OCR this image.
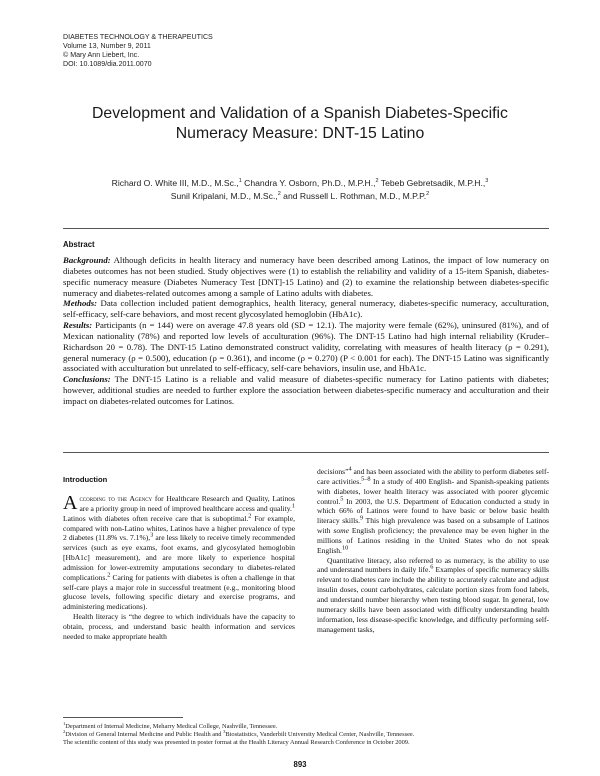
DIABETES TECHNOLOGY & THERAPEUTICS
Volume 13, Number 9, 2011
© Mary Ann Liebert, Inc.
DOI: 10.1089/dia.2011.0070
Development and Validation of a Spanish Diabetes-Specific
Numeracy Measure: DNT-15 Latino
Richard O. White III, M.D., M.Sc.,$^1$ Chandra Y. Osborn, Ph.D., M.P.H.,$^2$ Tebeb Gebretsadik, M.P.H.,$^3$
Sunil Kripalani, M.D., M.Sc.,$^2$ and Russell L. Rothman, M.D., M.P.P.$^2$
Abstract

Background: Although deficits in health literacy and numeracy have been described among Latinos, the impact of low numeracy on diabetes outcomes has not been studied. Study objectives were (1) to establish the reliability and validity of a 15-item Spanish, diabetes-specific numeracy measure (Diabetes Numeracy Test [DNT]-15 Latino) and (2) to examine the relationship between diabetes-specific numeracy and diabetes-related outcomes among a sample of Latino adults with diabetes.

Methods: Data collection included patient demographics, health literacy, general numeracy, diabetes-specific numeracy, acculturation, self-efficacy, self-care behaviors, and most recent glycosylated hemoglobin (HbA1c).

Results: Participants (n = 144) were on average 47.8 years old (SD = 12.1). The majority were female (62%), uninsured (81%), and of Mexican nationality (78%) and reported low levels of acculturation (96%). The DNT-15 Latino had high internal reliability (Kruder–Richardson 20 = 0.78). The DNT-15 Latino demonstrated construct validity, correlating with measures of health literacy (ρ = 0.291), general numeracy (ρ = 0.500), education (ρ = 0.361), and income (ρ = 0.270) (P < 0.001 for each). The DNT-15 Latino was significantly associated with acculturation but unrelated to self-efficacy, self-care behaviors, insulin use, and HbA1c.

Conclusions: The DNT-15 Latino is a reliable and valid measure of diabetes-specific numeracy for Latino patients with diabetes; however, additional studies are needed to further explore the association between diabetes-specific numeracy and acculturation and their impact on diabetes-related outcomes for Latinos.

Introduction

According to the Agency for Healthcare Research and Quality, Latinos are a priority group in need of improved healthcare access and quality.$^1$ Latinos with diabetes often receive care that is suboptimal.$^2$ For example, compared with non-Latino whites, Latinos have a higher prevalence of type 2 diabetes (11.8% vs. 7.1%),$^3$ are less likely to receive timely recommended services (such as eye exams, foot exams, and glycosylated hemoglobin [HbA1c] measurement), and are more likely to experience hospital admission for lower-extremity amputations secondary to diabetes-related complications.$^2$ Caring for patients with diabetes is often a challenge in that self-care plays a major role in successful treatment (e.g., monitoring blood glucose levels, following specific dietary and exercise programs, and administering medications).

Health literacy is “the degree to which individuals have the capacity to obtain, process, and understand basic health information and services needed to make appropriate health

decisions”$^4$ and has been associated with the ability to perform diabetes self-care activities.$^{5-8}$ In a study of 400 English- and Spanish-speaking patients with diabetes, lower health literacy was associated with poorer glycemic control.$^5$ In 2003, the U.S. Department of Education conducted a study in which 66% of Latinos were found to have basic or below basic health literacy skills.$^9$ This high prevalence was based on a subsample of Latinos with some English proficiency; the prevalence may be even higher in the millions of Latinos residing in the United States who do not speak English.$^{10}$

Quantitative literacy, also referred to as numeracy, is the ability to use and understand numbers in daily life.$^6$ Examples of specific numeracy skills relevant to diabetes care include the ability to accurately calculate and adjust insulin doses, count carbohydrates, calculate portion sizes from food labels, and understand number hierarchy when testing blood sugar. In general, low numeracy skills have been associated with difficulty understanding health information, less disease-specific knowledge, and difficulty performing self-management tasks,

$^1$Department of Internal Medicine, Meharry Medical College, Nashville, Tennessee.
$^2$Division of General Internal Medicine and Public Health and $^3$Biostatistics, Vanderbilt University Medical Center, Nashville, Tennessee.
The scientific content of this study was presented in poster format at the Health Literacy Annual Research Conference in October 2009.
893
